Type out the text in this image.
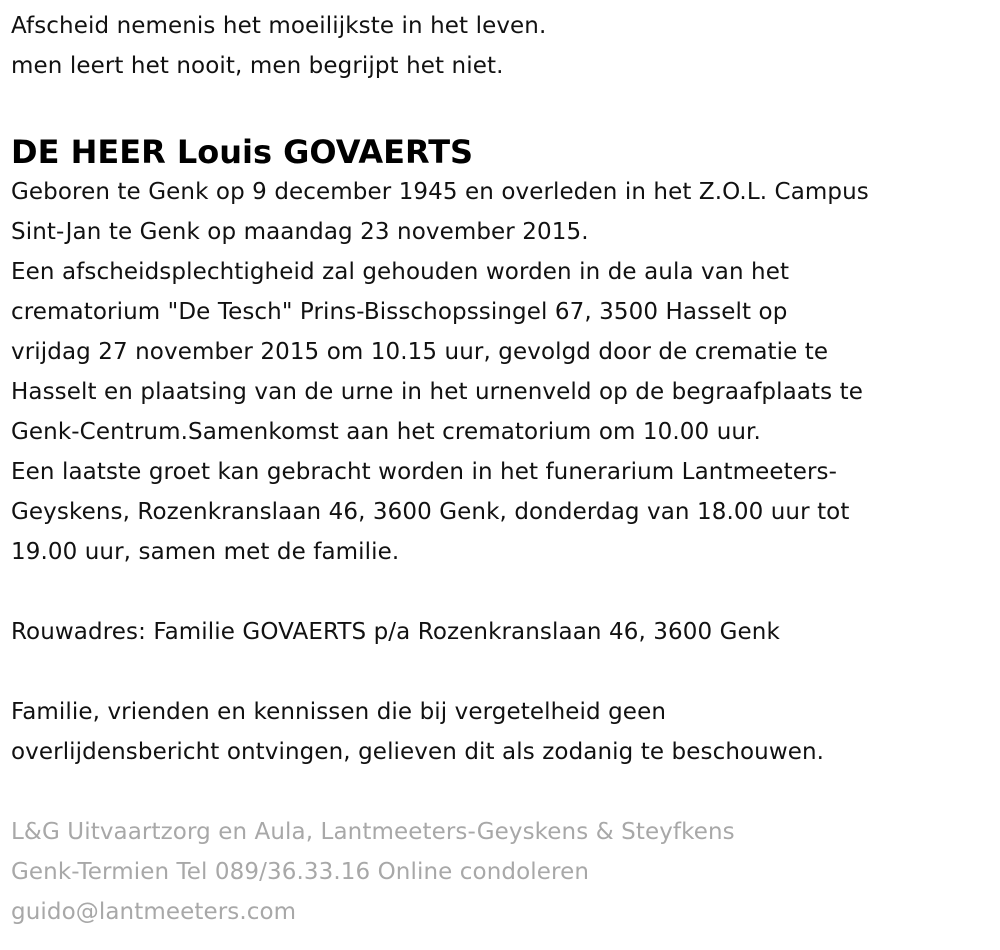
Afscheid nemenis het moeilijkste in het leven.
men leert het nooit, men begrijpt het niet.
DE HEER Louis GOVAERTS
Geboren te Genk op 9 december 1945 en overleden in het Z.O.L. Campus
Sint-Jan te Genk op maandag 23 november 2015.
Een afscheidsplechtigheid zal gehouden worden in de aula van het
crematorium "De Tesch" Prins-Bisschopssingel 67, 3500 Hasselt op
vrijdag 27 november 2015 om 10.15 uur, gevolgd door de crematie te
Hasselt en plaatsing van de urne in het urnenveld op de begraafplaats te
Genk-Centrum.Samenkomst aan het crematorium om 10.00 uur.
Een laatste groet kan gebracht worden in het funerarium Lantmeeters-
Geyskens, Rozenkranslaan 46, 3600 Genk, donderdag van 18.00 uur tot
19.00 uur, samen met de familie.
Rouwadres: Familie GOVAERTS p/a Rozenkranslaan 46, 3600 Genk
Familie, vrienden en kennissen die bij vergetelheid geen
overlijdensbericht ontvingen, gelieven dit als zodanig te beschouwen.
L&G Uitvaartzorg en Aula, Lantmeeters-Geyskens & Steyfkens
Genk-Termien Tel 089/36.33.16 Online condoleren
guido@lantmeeters.com
